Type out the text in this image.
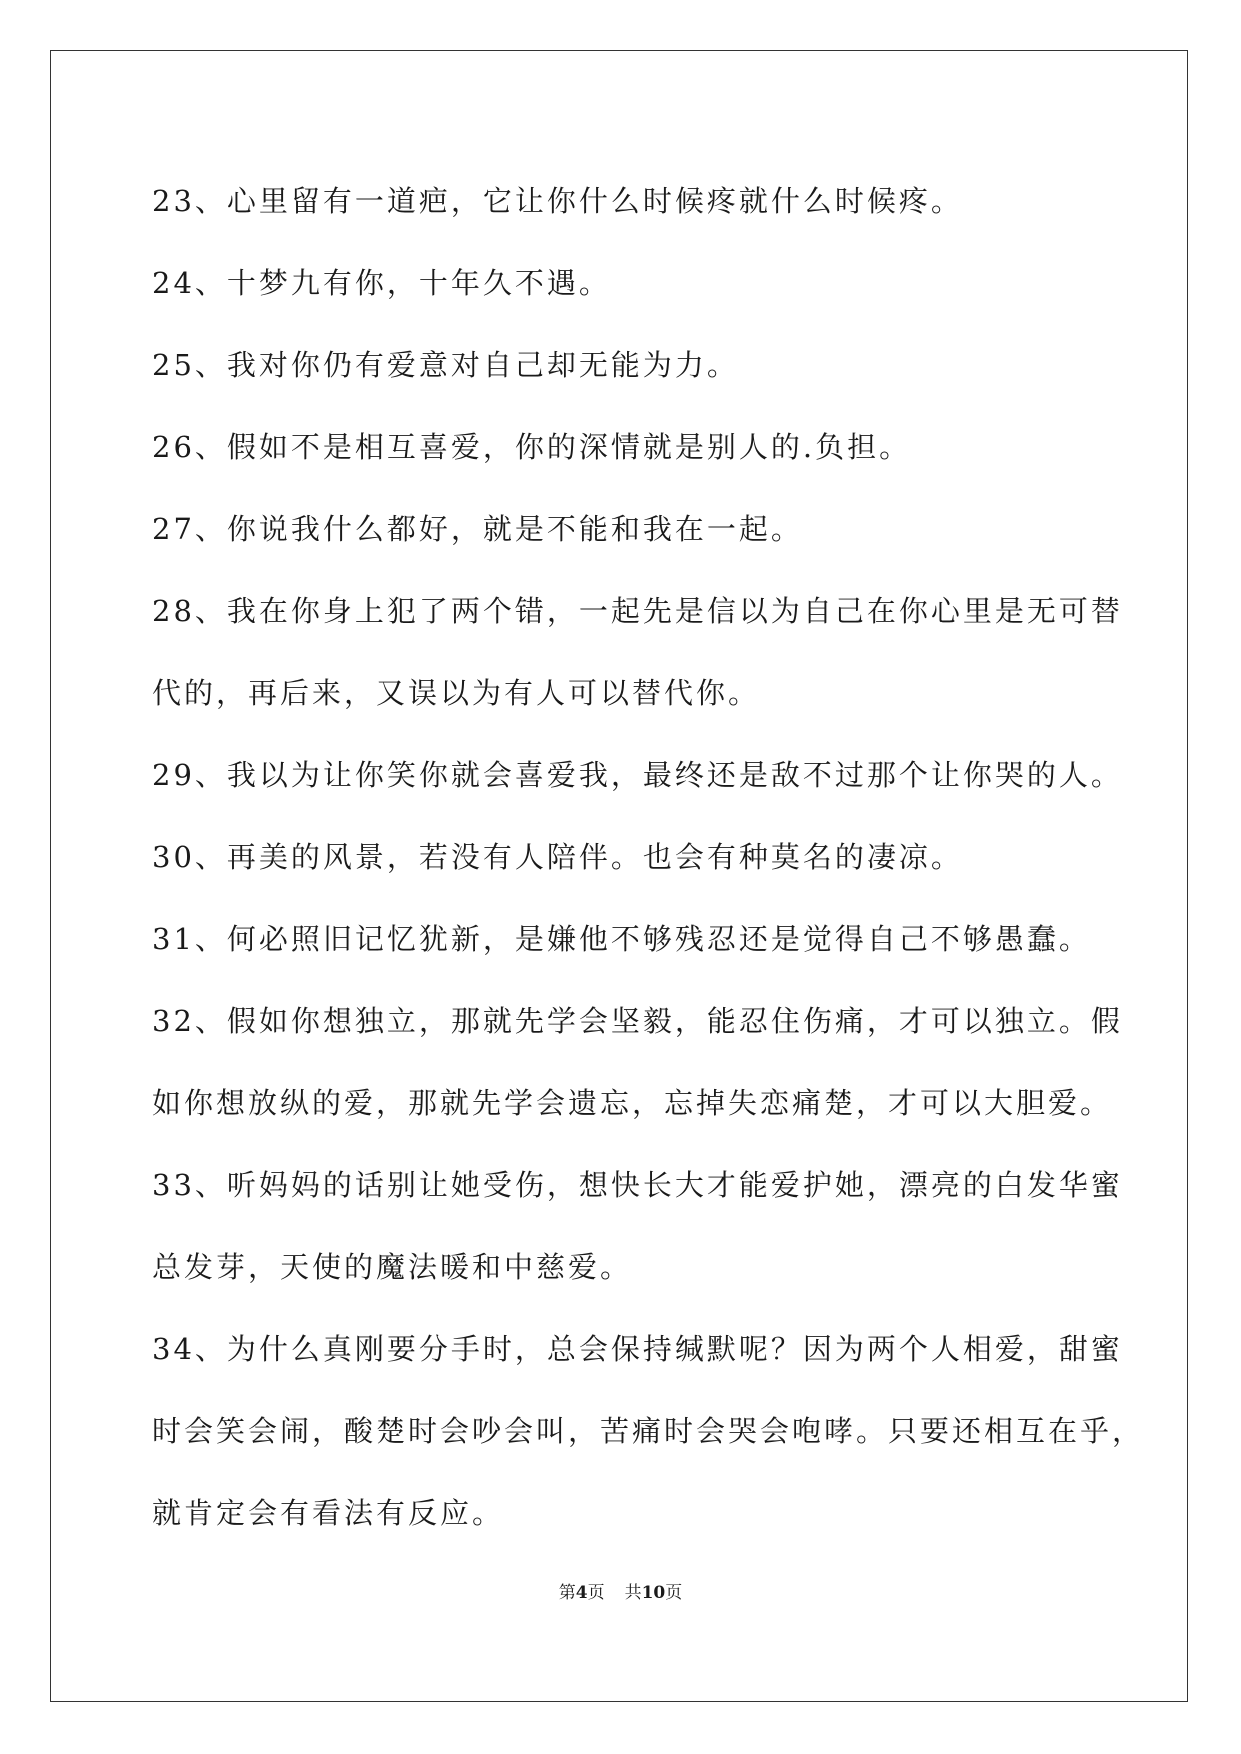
23、心里留有一道疤，它让你什么时候疼就什么时候疼。
24、十梦九有你，十年久不遇。
25、我对你仍有爱意对自己却无能为力。
26、假如不是相互喜爱，你的深情就是别人的.负担。
27、你说我什么都好，就是不能和我在一起。
28、我在你身上犯了两个错，一起先是信以为自己在你心里是无可替
代的，再后来，又误以为有人可以替代你。
29、我以为让你笑你就会喜爱我，最终还是敌不过那个让你哭的人。
30、再美的风景，若没有人陪伴。也会有种莫名的凄凉。
31、何必照旧记忆犹新，是嫌他不够残忍还是觉得自己不够愚蠢。
32、假如你想独立，那就先学会坚毅，能忍住伤痛，才可以独立。假
如你想放纵的爱，那就先学会遗忘，忘掉失恋痛楚，才可以大胆爱。
33、听妈妈的话别让她受伤，想快长大才能爱护她，漂亮的白发华蜜
总发芽，天使的魔法暖和中慈爱。
34、为什么真刚要分手时，总会保持缄默呢？因为两个人相爱，甜蜜
时会笑会闹，酸楚时会吵会叫，苦痛时会哭会咆哮。只要还相互在乎，
就肯定会有看法有反应。
第4页 共10页
